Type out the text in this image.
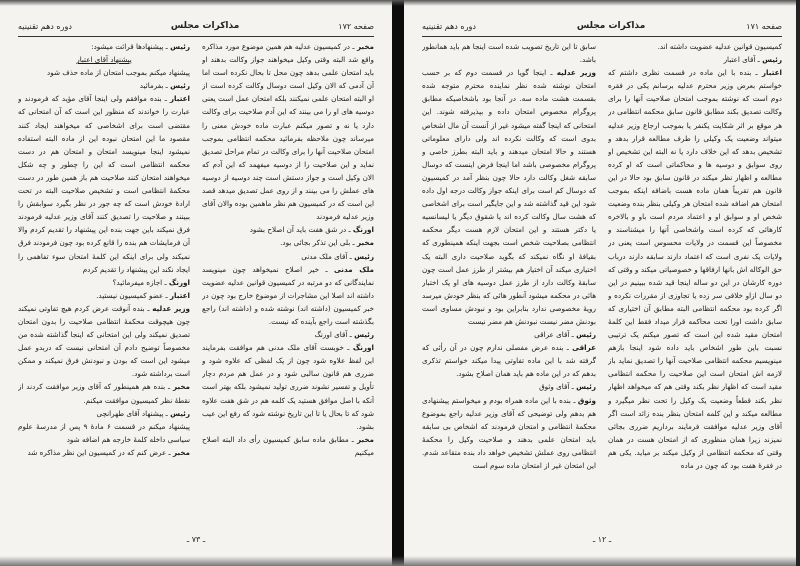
صفحه ۱۷۲
مذاکرات مجلس
دوره دهم تقنینیه

مخبر ـ در کمیسیون عدلیه هم همین موضوع مورد مذاکره واقع شد البته وقتی وکیل میخواهند جواز وکالت بدهند او باید امتحان علمی بدهد چون محل تا بحال نکرده است اما آن آدمی که الان وکیل است دوسال وکالت کرده است از او البته امتحان علمی نمیکنند بلکه امتحان عمل است یعنی دوسیه های او را می بینند که این آدم صلاحیت برای وکالت دارد یا نه و تصور میکنم عبارت ماده خودش معنی را میرساند چون ملاحظه بفرمائید محکمه انتظامی بموجب امتحان صلاحیت آنها را برای وکالت در تمام مراحل تصدیق نماید و این صلاحیت را از دوسیه میفهمد که این آدم که الان وکیل است و جواز دستش است چند دوسیه از دوسیه های عملش را می بینند و از روی عمل تصدیق میدهد قصد این است که در کمیسیون هم نظر ماهمین بوده والان آقای وزیر عدلیه فرمودند

اورنگ ـ در شق هفت باید آن اصلاح بشود

مخبر ـ بلی این تذکر بجائی بود.

رئیس ـ آقای ملک مدنی

ملک مدنی ـ خیر اصلاح نمیخواهد چون مینویسد نمایندگانی که دو مرتبه در کمیسیون قوانین عدلیه عضویت داشته اند اصلا این مشاجرات از موضوع خارج بود چون در خبر کمیسیون (داشته اند) نوشته شده و (داشته اند) راجع بگذشته است راجع بآینده که نیست.

رئیس ـ آقای اورنگ

اورنگ ـ خوبست آقای ملک مدنی هم موافقت بفرمایند این لفظ علاوه شود چون از یک لفظی که علاوه شود و ضرری هم قانون سالبی شود و در عمل هم مردم دچار تأویل و تفسیر نشوند ضرری تولید نمیشود بلکه بهتر است آنکه با اصل موافق هستید یک کلمه هم در شق هفت علاوه شود که تا بحال یا تا این تاریخ نوشته شود که رفع این عیب بشود.

مخبر ـ مطابق ماده سابق کمیسیون رأی داد البته اصلاح میکنیم

رئیس ـ پیشنهادها قرائت میشود:

پیشنهاد آقای اعتبار

پیشنهاد میکنم بموجب امتحان از ماده حذف شود

رئیس ـ بفرمائید

اعتبار ـ بنده موافقم ولی اینجا آقای مؤید که فرمودند و عبارت را خواندند که منظور این است که آن امتحانی که مقتضی است برای اشخاصی که میخواهند ایجاد کنند مقصود ما این امتحان نبوده این از ماده البته استفاده نمیشود اینجا مینویسد امتحان و امتحان هم در دست محکمه انتظامی است که این را چطور و چه شکل میخواهند امتحان کنند صلاحیت هم باز همین طور در دست محکمهٔ انتظامی است و تشخیص صلاحیت البته در تحت ارادهٔ خودش است که چه جور در نظر بگیرد سوابقش را ببینند و صلاحیت را تصدیق کنند آقای وزیر عدلیه فرمودند فرق نمیکند باین جهت بنده این پیشنهاد را تقدیم کردم والا آن فرمایشات هم بنده را قانع کرده بود چون فرمودند فرق نمیکند ولی برای اینکه این کلمهٔ امتحان سوء تفاهمی را ایجاد نکند این پیشنهاد را تقدیم کردم

اورنگ ـ اجازه میفرمائید؟

اعتبار ـ عضو کمیسیون نیستید.

وزیر عدلیه ـ بنده آنوقت عرض کردم هیچ تفاوتی نمیکند چون هیچوقت محکمهٔ انتظامی صلاحیت را بدون امتحان تصدیق نمیکند ولی این امتحانی که اینجا گذاشته شده من مخصوصاً توضیح دادم آن امتحانی نیست که دربدو عمل میشود این است که بودن و نبودنش فرق نمیکند و ممکن است برداشته شود.

مخبر ـ بنده هم همینطور که آقای وزیر موافقت کردند از نقطهٔ نظر کمیسیون موافقت میکنم.

رئیس ـ پیشنهاد آقای طهرانچی

پیشنهاد میکنم در قسمت ۶ مادهٔ ۹ پس از مدرسهٔ علوم سیاسی داخله کلمهٔ خارجه هم اضافه شود

مخبر ـ عرض کنم که در کمیسیون این نظر مذاکره شد

ـ ۷۳ ـ
صفحه ۱۷۱
مذاکرات مجلس
دوره دهم تقنینیه

کمیسیون قوانین عدلیه عضویت داشته اند.

رئیس ـ آقای اعتبار

اعتبار ـ بنده با این ماده در قسمت نظری داشتم که خواستم بعرض وزیر محترم عدلیه برسانم یکی در فقره دوم است که نوشته بموجب امتحان صلاحیت آنها را برای وکالت تصدیق بکند مطابق قانون سابق محکمه انتظامی در هر موقع بر اثر شکایت یکنفر یا بموجب ارجاع وزیر عدلیه میتواند وضعیت یک وکیلی را طرف مطالعه قرار بدهد و تشخیص بدهد که این خلاف دارد یا نه البته این تشخیص او روی سوابق و دوسیه ها و محاکماتی است که او کرده مطالعه و اظهار نظر میکند در قانون سابق بود حالا در این قانون هم تقریباً همان ماده هست باضافه اینکه بموجب امتحان هم اضافه شده امتحان هر وکیلی بنظر بنده وضعیت شخص او و سوابق او و اعتماد مردم است باو و بالاخره کارهائی که کرده است واشخاصی آنها را میشناسند و مخصوصاً این قسمت در ولایات محسوس است یعنی در ولایات یک نفری است که اعتماد دارند سابقه دارند درباب حق الوکاله اش بانها ارفاقها و خصوصیاتی میکند و وقتی که دوره کارشان در این دو ساله اینجا قید شده ببینیم در این دو سال ازاو خلافی سر زده یا تجاوزی از مقررات نکرده و اگر کرده بود محکمه انتظامی البته مطابق آن اختیاری که سابق داشت اورا تحت محاکمه قرار میداد فقط این کلمهٔ امتحان مقید شده این است که تصور میکنم یک ترتیبی نسبت باین طور اشخاص باید داده شود اینجا بازهم مینویسیم محکمه انتظامی صلاحیت آنها را تصدیق نماید باز لازمه اش امتحان است این صلاحیت را محکمه انتظامی مقید است که اظهار نظر بکند وقتی هم که میخواهد اظهار نظر بکند قطعاً وضعیت یک وکیل را تحت نظر میگیرد و مطالعه میکند و این کلمه امتحان بنظر بنده زائد است اگر آقای وزیر عدلیه موافقت فرمایند برداریم ضرری بجائی نمیزند زیرا همان منظوری که از امتحان هست در همان وقتی که محکمه انتظامی از وکیل میکند بر میاید. یکی هم در فقرهٔ هفت بود که چون در ماده

سابق تا این تاریخ تصویب شده است اینجا هم باید همانطور باشد.

وزیر عدلیه ـ اینجا گویا در قسمت دوم که بر حسب امتحان نوشته شده نظر نماینده محترم متوجه شده بقسمت هشت ماده سه. در آنجا بود باشخاصیکه مطابق پروگرام مخصوص امتحان داده و بپذیرفته شوند. این امتحانی که اینجا گفته میشود غیر از آنست آن مال اشخاص بدوی است که وکالت نکرده اند ولی دارای معلوماتی هستند و حالا امتحان میدهند و باید البته بطرز خاصی و پروگرام مخصوصی باشد اما اینجا فرض اینست که دوسال سابقه شغل وکالت دارد حالا چون بنظر آمد در کمیسیون که دوسال کم است برای اینکه جواز وکالت درجه اول داده شود این قید گذاشته شد و این جایگیر است برای اشخاصی که هشت سال وکالت کرده اند یا شقوق دیگر یا لیسانسیه یا دکتر هستند و این امتحان لازم هست دیگر محکمه انتظامی بصلاحیت شخص است بجهت اینکه همینطوری که بقیافهٔ او نگاه نمیکند که بگوید صلاحیت داری البته یک اختیاری میکند آن اختیار هم بیشتر از طرز عمل است چون سابقهٔ وکالت دارد از طرز عمل دوسیه های او یک اختبار هائی در محکمه میشود آنطور هائی که بنظر خودش میرسد رویهٔ مخصوصی ندارد بنابراین بود و نبودش مساوی است بودنش مضر نیست نبودنش هم مضر نیست

رئیس ـ آقای عراقی

عراقی ـ بنده عرض مفصلی ندارم چون در آن رأئی که گرفته شد با این ماده تفاوتی پیدا میکند خواستم تذکری بدهم که در این ماده هم باید همان اصلاح بشود.

رئیس ـ آقای وثوق

وثوق ـ بنده با این ماده همراه بودم و میخواستم پیشنهادی هم بدهم ولی توضیحی که آقای وزیر عدلیه راجع بموضوع محکمهٔ انتظامی و امتحان فرمودند که اشخاص بی سابقه باید امتحان علمی بدهند و صلاحیت وکیل را محکمهٔ انتظامی روی عملش تشخیص خواهد داد بنده متقاعد شدم. این امتحان غیر از امتحان ماده سوم است

ـ ۱۲ ـ
